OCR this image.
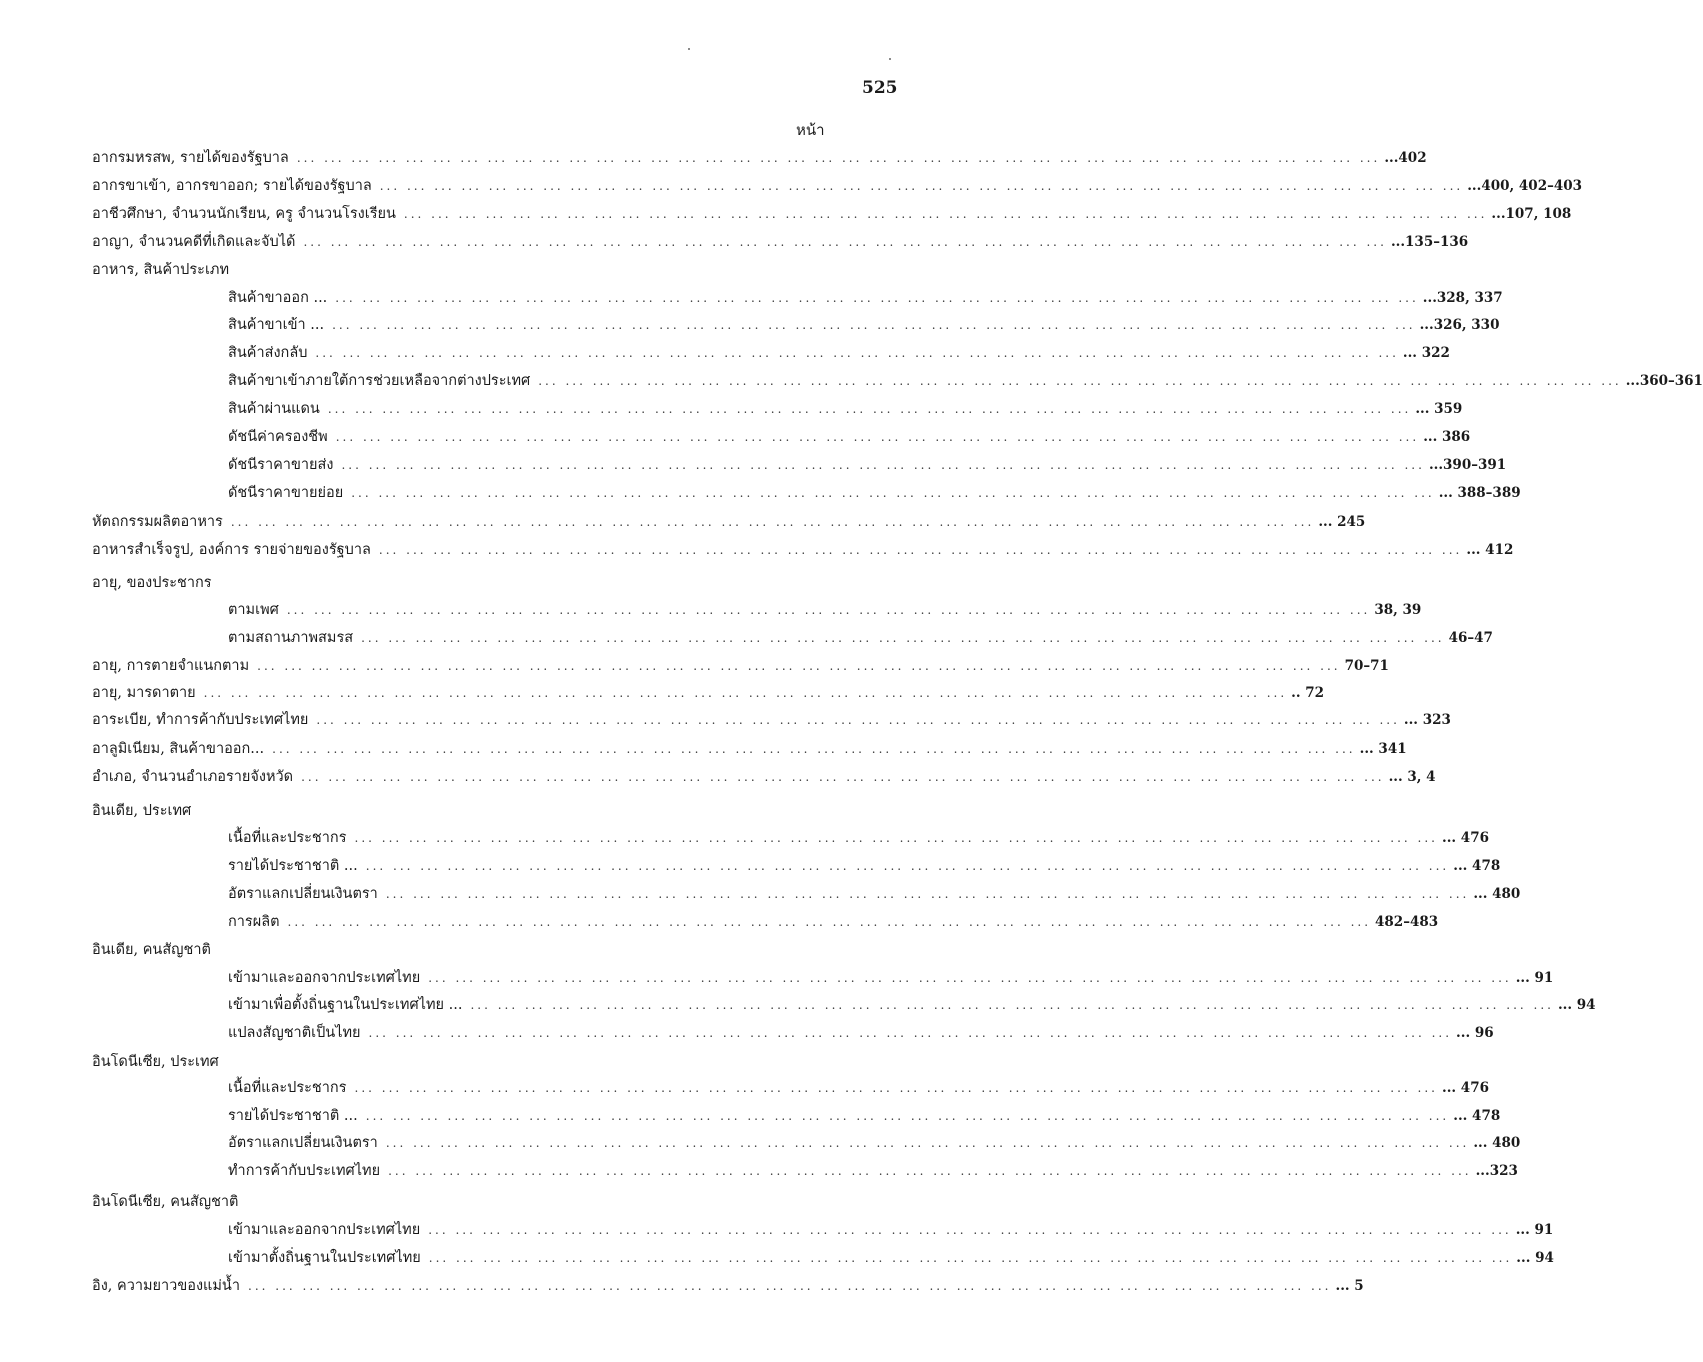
525
หน้า
อากรมหรสพ, รายได้ของรัฐบาล ... ... ... ... ... ... ... ... ... ... ... ... ... ... ... ... ... ... ... ... ... ... ... ... ... ... ... ... ... ... ... ... ... ... ... ... ... ... ... ... ...402
อากรขาเข้า, อากรขาออก; รายได้ของรัฐบาล ... ... ... ... ... ... ... ... ... ... ... ... ... ... ... ... ... ... ... ... ... ... ... ... ... ... ... ... ... ... ... ... ... ... ... ... ... ... ... ... ...400, 402–403
อาชีวศึกษา, จำนวนนักเรียน, ครู จำนวนโรงเรียน ... ... ... ... ... ... ... ... ... ... ... ... ... ... ... ... ... ... ... ... ... ... ... ... ... ... ... ... ... ... ... ... ... ... ... ... ... ... ... ... ...107, 108
อาญา, จำนวนคดีที่เกิดและจับได้ ... ... ... ... ... ... ... ... ... ... ... ... ... ... ... ... ... ... ... ... ... ... ... ... ... ... ... ... ... ... ... ... ... ... ... ... ... ... ... ... ...135–136
อาหาร, สินค้าประเภท
สินค้าขาออก ... ... ... ... ... ... ... ... ... ... ... ... ... ... ... ... ... ... ... ... ... ... ... ... ... ... ... ... ... ... ... ... ... ... ... ... ... ... ... ... ... ...328, 337
สินค้าขาเข้า ... ... ... ... ... ... ... ... ... ... ... ... ... ... ... ... ... ... ... ... ... ... ... ... ... ... ... ... ... ... ... ... ... ... ... ... ... ... ... ... ... ...326, 330
สินค้าส่งกลับ ... ... ... ... ... ... ... ... ... ... ... ... ... ... ... ... ... ... ... ... ... ... ... ... ... ... ... ... ... ... ... ... ... ... ... ... ... ... ... ... ... 322
สินค้าขาเข้าภายใต้การช่วยเหลือจากต่างประเทศ ... ... ... ... ... ... ... ... ... ... ... ... ... ... ... ... ... ... ... ... ... ... ... ... ... ... ... ... ... ... ... ... ... ... ... ... ... ... ... ... ...360–361
สินค้าผ่านแดน ... ... ... ... ... ... ... ... ... ... ... ... ... ... ... ... ... ... ... ... ... ... ... ... ... ... ... ... ... ... ... ... ... ... ... ... ... ... ... ... ... 359
ดัชนีค่าครองชีพ ... ... ... ... ... ... ... ... ... ... ... ... ... ... ... ... ... ... ... ... ... ... ... ... ... ... ... ... ... ... ... ... ... ... ... ... ... ... ... ... ... 386
ดัชนีราคาขายส่ง ... ... ... ... ... ... ... ... ... ... ... ... ... ... ... ... ... ... ... ... ... ... ... ... ... ... ... ... ... ... ... ... ... ... ... ... ... ... ... ... ...390–391
ดัชนีราคาขายย่อย ... ... ... ... ... ... ... ... ... ... ... ... ... ... ... ... ... ... ... ... ... ... ... ... ... ... ... ... ... ... ... ... ... ... ... ... ... ... ... ... ... 388–389
หัตถกรรมผลิตอาหาร ... ... ... ... ... ... ... ... ... ... ... ... ... ... ... ... ... ... ... ... ... ... ... ... ... ... ... ... ... ... ... ... ... ... ... ... ... ... ... ... ... 245
อาหารสำเร็จรูป, องค์การ รายจ่ายของรัฐบาล ... ... ... ... ... ... ... ... ... ... ... ... ... ... ... ... ... ... ... ... ... ... ... ... ... ... ... ... ... ... ... ... ... ... ... ... ... ... ... ... ... 412
อายุ, ของประชากร
ตามเพศ ... ... ... ... ... ... ... ... ... ... ... ... ... ... ... ... ... ... ... ... ... ... ... ... ... ... ... ... ... ... ... ... ... ... ... ... ... ... ... ... 38, 39
ตามสถานภาพสมรส ... ... ... ... ... ... ... ... ... ... ... ... ... ... ... ... ... ... ... ... ... ... ... ... ... ... ... ... ... ... ... ... ... ... ... ... ... ... ... ... 46–47
อายุ, การตายจำแนกตาม ... ... ... ... ... ... ... ... ... ... ... ... ... ... ... ... ... ... ... ... ... ... ... ... ... ... ... ... ... ... ... ... ... ... ... ... ... ... ... ... 70–71
อายุ, มารดาตาย ... ... ... ... ... ... ... ... ... ... ... ... ... ... ... ... ... ... ... ... ... ... ... ... ... ... ... ... ... ... ... ... ... ... ... ... ... ... ... ... .. 72
อาระเบีย, ทำการค้ากับประเทศไทย ... ... ... ... ... ... ... ... ... ... ... ... ... ... ... ... ... ... ... ... ... ... ... ... ... ... ... ... ... ... ... ... ... ... ... ... ... ... ... ... ... 323
อาลูมิเนียม, สินค้าขาออก... ... ... ... ... ... ... ... ... ... ... ... ... ... ... ... ... ... ... ... ... ... ... ... ... ... ... ... ... ... ... ... ... ... ... ... ... ... ... ... ... ... 341
อำเภอ, จำนวนอำเภอรายจังหวัด ... ... ... ... ... ... ... ... ... ... ... ... ... ... ... ... ... ... ... ... ... ... ... ... ... ... ... ... ... ... ... ... ... ... ... ... ... ... ... ... ... 3, 4
อินเดีย, ประเทศ
เนื้อที่และประชากร ... ... ... ... ... ... ... ... ... ... ... ... ... ... ... ... ... ... ... ... ... ... ... ... ... ... ... ... ... ... ... ... ... ... ... ... ... ... ... ... ... 476
รายได้ประชาชาติ ... ... ... ... ... ... ... ... ... ... ... ... ... ... ... ... ... ... ... ... ... ... ... ... ... ... ... ... ... ... ... ... ... ... ... ... ... ... ... ... ... ... 478
อัตราแลกเปลี่ยนเงินตรา ... ... ... ... ... ... ... ... ... ... ... ... ... ... ... ... ... ... ... ... ... ... ... ... ... ... ... ... ... ... ... ... ... ... ... ... ... ... ... ... ... 480
การผลิต ... ... ... ... ... ... ... ... ... ... ... ... ... ... ... ... ... ... ... ... ... ... ... ... ... ... ... ... ... ... ... ... ... ... ... ... ... ... ... ... 482–483
อินเดีย, คนสัญชาติ
เข้ามาและออกจากประเทศไทย ... ... ... ... ... ... ... ... ... ... ... ... ... ... ... ... ... ... ... ... ... ... ... ... ... ... ... ... ... ... ... ... ... ... ... ... ... ... ... ... ... 91
เข้ามาเพื่อตั้งถิ่นฐานในประเทศไทย ... ... ... ... ... ... ... ... ... ... ... ... ... ... ... ... ... ... ... ... ... ... ... ... ... ... ... ... ... ... ... ... ... ... ... ... ... ... ... ... ... ... 94
แปลงสัญชาติเป็นไทย ... ... ... ... ... ... ... ... ... ... ... ... ... ... ... ... ... ... ... ... ... ... ... ... ... ... ... ... ... ... ... ... ... ... ... ... ... ... ... ... ... 96
อินโดนีเซีย, ประเทศ
เนื้อที่และประชากร ... ... ... ... ... ... ... ... ... ... ... ... ... ... ... ... ... ... ... ... ... ... ... ... ... ... ... ... ... ... ... ... ... ... ... ... ... ... ... ... ... 476
รายได้ประชาชาติ ... ... ... ... ... ... ... ... ... ... ... ... ... ... ... ... ... ... ... ... ... ... ... ... ... ... ... ... ... ... ... ... ... ... ... ... ... ... ... ... ... ... 478
อัตราแลกเปลี่ยนเงินตรา ... ... ... ... ... ... ... ... ... ... ... ... ... ... ... ... ... ... ... ... ... ... ... ... ... ... ... ... ... ... ... ... ... ... ... ... ... ... ... ... ... 480
ทำการค้ากับประเทศไทย ... ... ... ... ... ... ... ... ... ... ... ... ... ... ... ... ... ... ... ... ... ... ... ... ... ... ... ... ... ... ... ... ... ... ... ... ... ... ... ... ...323
อินโดนีเซีย, คนสัญชาติ
เข้ามาและออกจากประเทศไทย ... ... ... ... ... ... ... ... ... ... ... ... ... ... ... ... ... ... ... ... ... ... ... ... ... ... ... ... ... ... ... ... ... ... ... ... ... ... ... ... ... 91
เข้ามาตั้งถิ่นฐานในประเทศไทย ... ... ... ... ... ... ... ... ... ... ... ... ... ... ... ... ... ... ... ... ... ... ... ... ... ... ... ... ... ... ... ... ... ... ... ... ... ... ... ... ... 94
อิง, ความยาวของแม่น้ำ ... ... ... ... ... ... ... ... ... ... ... ... ... ... ... ... ... ... ... ... ... ... ... ... ... ... ... ... ... ... ... ... ... ... ... ... ... ... ... ... ... 5
